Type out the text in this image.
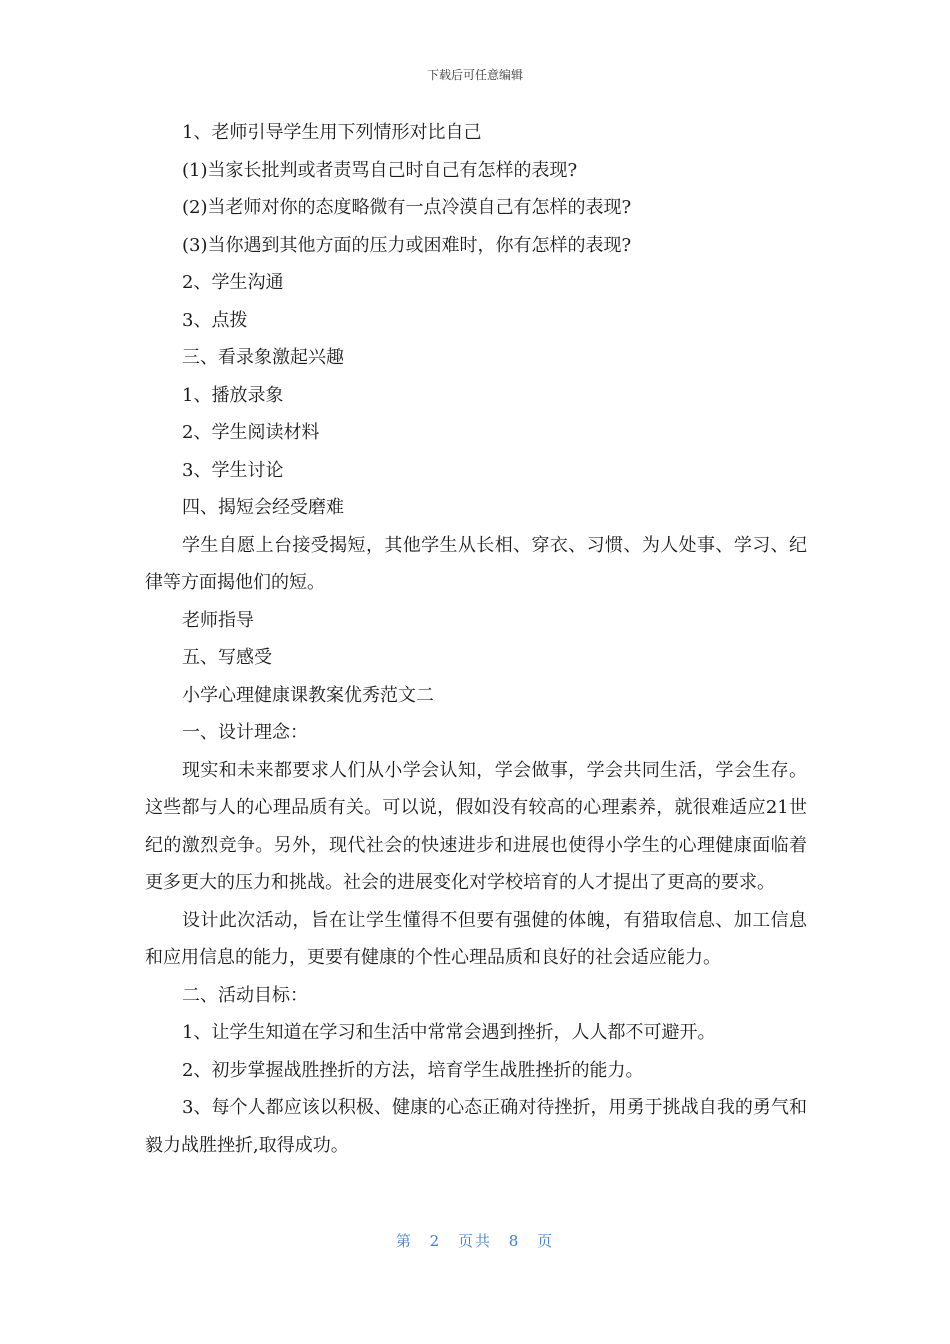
下载后可任意编辑

1、老师引导学生用下列情形对比自己

(1)当家长批判或者责骂自己时自己有怎样的表现?

(2)当老师对你的态度略微有一点冷漠自己有怎样的表现?

(3)当你遇到其他方面的压力或困难时，你有怎样的表现?

2、学生沟通

3、点拨

三、看录象激起兴趣

1、播放录象

2、学生阅读材料

3、学生讨论

四、揭短会经受磨难

学生自愿上台接受揭短，其他学生从长相、穿衣、习惯、为人处事、学习、纪律等方面揭他们的短。

老师指导

五、写感受

小学心理健康课教案优秀范文二

一、设计理念：

现实和未来都要求人们从小学会认知，学会做事，学会共同生活，学会生存。这些都与人的心理品质有关。可以说，假如没有较高的心理素养，就很难适应21世纪的激烈竞争。另外，现代社会的快速进步和进展也使得小学生的心理健康面临着更多更大的压力和挑战。社会的进展变化对学校培育的人才提出了更高的要求。

设计此次活动，旨在让学生懂得不但要有强健的体魄，有猎取信息、加工信息和应用信息的能力，更要有健康的个性心理品质和良好的社会适应能力。

二、活动目标：

1、让学生知道在学习和生活中常常会遇到挫折，人人都不可避开。

2、初步掌握战胜挫折的方法，培育学生战胜挫折的能力。

3、每个人都应该以积极、健康的心态正确对待挫折，用勇于挑战自我的勇气和毅力战胜挫折,取得成功。

第 2 页共 8 页
